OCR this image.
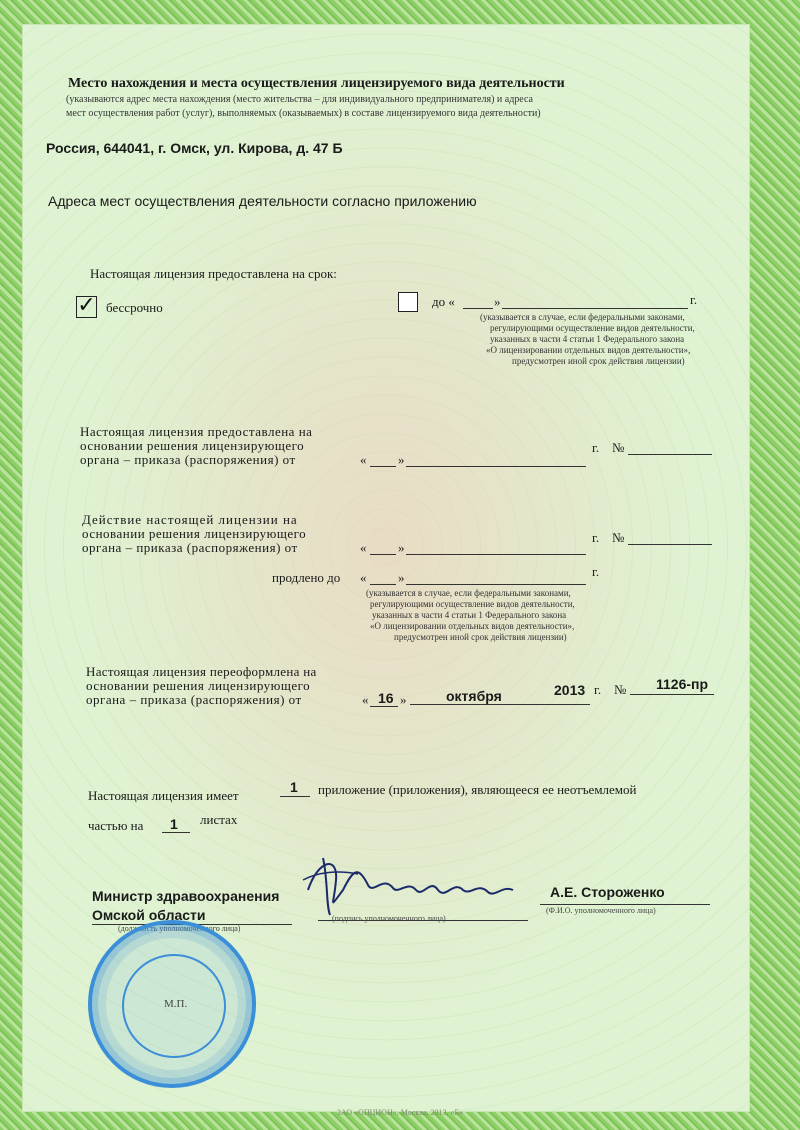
Место нахождения и места осуществления лицензируемого вида деятельности
(указываются адрес места нахождения (место жительства – для индивидуального предпринимателя) и адреса
мест осуществления работ (услуг), выполняемых (оказываемых) в составе лицензируемого вида деятельности)
Россия, 644041, г. Омск, ул. Кирова, д. 47 Б
Адреса мест осуществления деятельности согласно приложению
Настоящая лицензия предоставлена на срок:
✓ бессрочно	до «	»	г.
(указывается в случае, если федеральными законами,
регулирующими осуществление видов деятельности,
указанных в части 4 статьи 1 Федерального закона
«О лицензировании отдельных видов деятельности»,
предусмотрен иной срок действия лицензии)
Настоящая лицензия предоставлена на
основании решения лицензирующего
органа – приказа (распоряжения) от	« »
г. №
Действие настоящей лицензии на
основании решения лицензирующего
органа – приказа (распоряжения) от	« »
г. №
продлено до « »	г.
(указывается в случае, если федеральными законами,
регулирующими осуществление видов деятельности,
указанных в части 4 статьи 1 Федерального закона
«О лицензировании отдельных видов деятельности»,
предусмотрен иной срок действия лицензии)
Настоящая лицензия переоформлена на
основании решения лицензирующего
органа – приказа (распоряжения) от	« 16 »	октября	2013 г. № 1126-пр
Настоящая лицензия имеет
1 приложение (приложения), являющееся ее неотъемлемой
частью на 1 листах
Министр здравоохранения
Омской области
(должность уполномоченного лица)
(подпись уполномоченного лица)
А.Е. Стороженко
(Ф.И.О. уполномоченного лица)
М.П.
ЗАО «ОПЦИОН», Москва, 2013, «Б»
